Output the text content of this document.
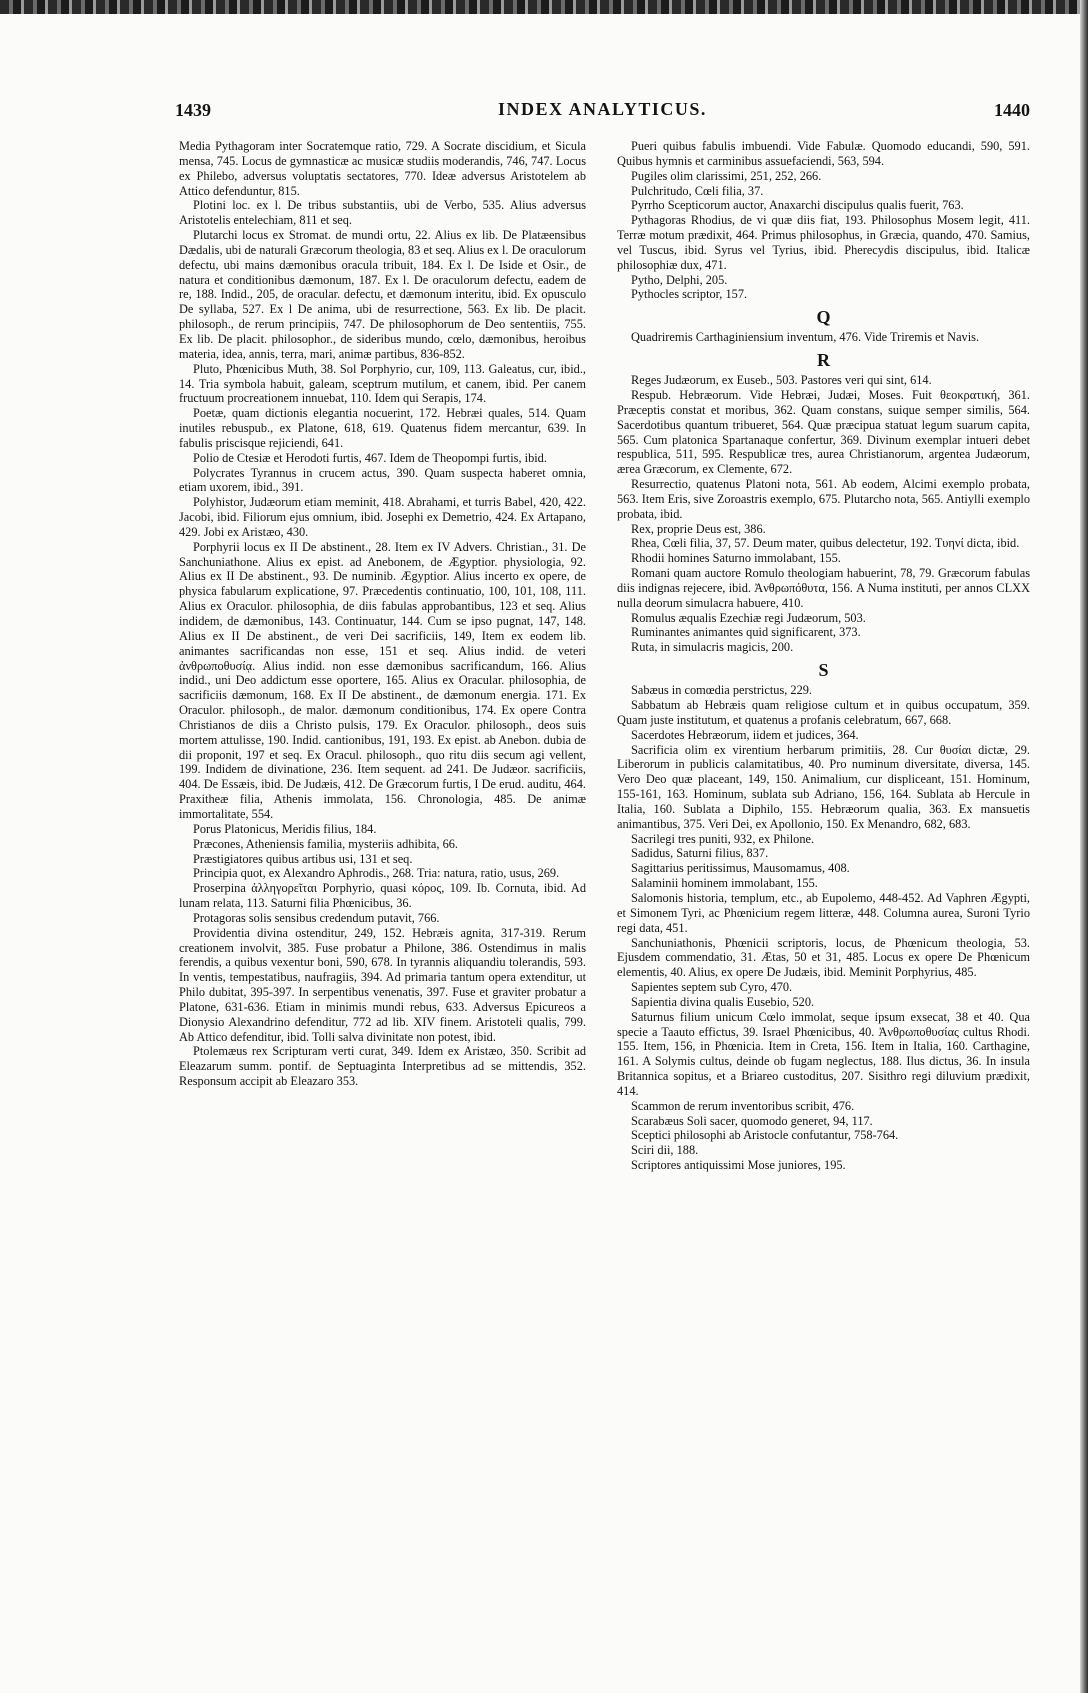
1439	INDEX ANALYTICUS.	1440

Media Pythagoram inter Socratemque ratio, 729. A Socrate discidium, et Sicula mensa, 745. Locus de gymnasticæ ac musicæ studiis moderandis, 746, 747. Locus ex Philebo, adversus voluptatis sectatores, 770. Ideæ adversus Aristotelem ab Attico defenduntur, 815.

Plotini loc. ex l. De tribus substantiis, ubi de Verbo, 535. Alius adversus Aristotelis entelechiam, 811 et seq.

Plutarchi locus ex Stromat. de mundi ortu, 22. Alius ex lib. De Platæensibus Dædalis, ubi de naturali Græcorum theologia, 83 et seq. Alius ex l. De oraculorum defectu, ubi mains dæmonibus oracula tribuit, 184. Ex l. De Iside et Osir., de natura et conditionibus dæmonum, 187. Ex l. De oraculorum defectu, eadem de re, 188. Indid., 205, de oracular. defectu, et dæmonum interitu, ibid. Ex opusculo De syllaba, 527. Ex l De anima, ubi de resurrectione, 563. Ex lib. De placit. philosoph., de rerum principiis, 747. De philosophorum de Deo sententiis, 755. Ex lib. De placit. philosophor., de sideribus mundo, cœlo, dæmonibus, heroibus materia, idea, annis, terra, mari, animæ partibus, 836-852.

Pluto, Phœnicibus Muth, 38. Sol Porphyrio, cur, 109, 113. Galeatus, cur, ibid., 14. Tria symbola habuit, galeam, sceptrum mutilum, et canem, ibid. Per canem fructuum procreationem innuebat, 110. Idem qui Serapis, 174.

Poetæ, quam dictionis elegantia nocuerint, 172. Hebræi quales, 514. Quam inutiles rebuspub., ex Platone, 618, 619. Quatenus fidem mercantur, 639. In fabulis priscisque rejiciendi, 641.

Polio de Ctesiæ et Herodoti furtis, 467. Idem de Theopompi furtis, ibid.

Polycrates Tyrannus in crucem actus, 390. Quam suspecta haberet omnia, etiam uxorem, ibid., 391.

Polyhistor, Judæorum etiam meminit, 418. Abrahami, et turris Babel, 420, 422. Jacobi, ibid. Filiorum ejus omnium, ibid. Josephi ex Demetrio, 424. Ex Artapano, 429. Jobi ex Aristæo, 430.

Porphyrii locus ex II De abstinent., 28. Item ex IV Advers. Christian., 31. De Sanchuniathone. Alius ex epist. ad Anebonem, de Ægyptior. physiologia, 92. Alius ex II De abstinent., 93. De numinib. Ægyptior. Alius incerto ex opere, de physica fabularum explicatione, 97. Præcedentis continuatio, 100, 101, 108, 111. Alius ex Oraculor. philosophia, de diis fabulas approbantibus, 123 et seq. Alius indidem, de dæmonibus, 143. Continuatur, 144. Cum se ipso pugnat, 147, 148. Alius ex II De abstinent., de veri Dei sacrificiis, 149, Item ex eodem lib. animantes sacrificandas non esse, 151 et seq. Alius indid. de veteri ἀνθρωποθυσίᾳ. Alius indid. non esse dæmonibus sacrificandum, 166. Alius indid., uni Deo addictum esse oportere, 165. Alius ex Oracular. philosophia, de sacrificiis dæmonum, 168. Ex II De abstinent., de dæmonum energia. 171. Ex Oraculor. philosoph., de malor. dæmonum conditionibus, 174. Ex opere Contra Christianos de diis a Christo pulsis, 179. Ex Oraculor. philosoph., deos suis mortem attulisse, 190. Indid. cantionibus, 191, 193. Ex epist. ab Anebon. dubia de dii proponit, 197 et seq. Ex Oracul. philosoph., quo ritu diis secum agi vellent, 199. Indidem de divinatione, 236. Item sequent. ad 241. De Judæor. sacrificiis, 404. De Essæis, ibid. De Judæis, 412. De Græcorum furtis, I De erud. auditu, 464. Praxitheæ filia, Athenis immolata, 156. Chronologia, 485. De animæ immortalitate, 554.

Porus Platonicus, Meridis filius, 184.

Præcones, Atheniensis familia, mysteriis adhibita, 66.

Præstigiatores quibus artibus usi, 131 et seq.

Principia quot, ex Alexandro Aphrodis., 268. Tria: natura, ratio, usus, 269.

Proserpina ἀλληγορεῖται Porphyrio, quasi κόρος, 109. Ib. Cornuta, ibid. Ad lunam relata, 113. Saturni filia Phœnicibus, 36.

Protagoras solis sensibus credendum putavit, 766.

Providentia divina ostenditur, 249, 152. Hebræis agnita, 317-319. Rerum creationem involvit, 385. Fuse probatur a Philone, 386. Ostendimus in malis ferendis, a quibus vexentur boni, 590, 678. In tyrannis aliquandiu tolerandis, 593. In ventis, tempestatibus, naufragiis, 394. Ad primaria tantum opera extenditur, ut Philo dubitat, 395-397. In serpentibus venenatis, 397. Fuse et graviter probatur a Platone, 631-636. Etiam in minimis mundi rebus, 633. Adversus Epicureos a Dionysio Alexandrino defenditur, 772 ad lib. XIV finem. Aristoteli qualis, 799. Ab Attico defenditur, ibid. Tolli salva divinitate non potest, ibid.

Ptolemæus rex Scripturam verti curat, 349. Idem ex Aristæo, 350. Scribit ad Eleazarum summ. pontif. de Septuaginta Interpretibus ad se mittendis, 352. Responsum accipit ab Eleazaro 353.

Pueri quibus fabulis imbuendi. Vide Fabulæ. Quomodo educandi, 590, 591. Quibus hymnis et carminibus assuefaciendi, 563, 594.

Pugiles olim clarissimi, 251, 252, 266.

Pulchritudo, Cœli filia, 37.

Pyrrho Scepticorum auctor, Anaxarchi discipulus qualis fuerit, 763.

Pythagoras Rhodius, de vi quæ diis fiat, 193. Philosophus Mosem legit, 411. Terræ motum prædixit, 464. Primus philosophus, in Græcia, quando, 470. Samius, vel Tuscus, ibid. Syrus vel Tyrius, ibid. Pherecydis discipulus, ibid. Italicæ philosophiæ dux, 471.

Pytho, Delphi, 205.

Pythocles scriptor, 157.

Q

Quadriremis Carthaginiensium inventum, 476. Vide Triremis et Navis.

R

Reges Judæorum, ex Euseb., 503. Pastores veri qui sint, 614.

Respub. Hebræorum. Vide Hebræi, Judæi, Moses. Fuit θεοκρατική, 361. Præceptis constat et moribus, 362. Quam constans, suique semper similis, 564. Sacerdotibus quantum tribueret, 564. Quæ præcipua statuat legum suarum capita, 565. Cum platonica Spartanaque confertur, 369. Divinum exemplar intueri debet respublica, 511, 595. Respublicæ tres, aurea Christianorum, argentea Judæorum, ærea Græcorum, ex Clemente, 672.

Resurrectio, quatenus Platoni nota, 561. Ab eodem, Alcimi exemplo probata, 563. Item Eris, sive Zoroastris exemplo, 675. Plutarcho nota, 565. Antiylli exemplo probata, ibid.

Rex, proprie Deus est, 386.

Rhea, Cœli filia, 37, 57. Deum mater, quibus delectetur, 192. Τυηνί dicta, ibid.

Rhodii homines Saturno immolabant, 155.

Romani quam auctore Romulo theologiam habuerint, 78, 79. Græcorum fabulas diis indignas rejecere, ibid. Ἀνθρωπόθυτα, 156. A Numa instituti, per annos CLXX nulla deorum simulacra habuere, 410.

Romulus æqualis Ezechiæ regi Judæorum, 503.

Ruminantes animantes quid significarent, 373.

Ruta, in simulacris magicis, 200.

S

Sabæus in comœdia perstrictus, 229.

Sabbatum ab Hebræis quam religiose cultum et in quibus occupatum, 359. Quam juste institutum, et quatenus a profanis celebratum, 667, 668.

Sacerdotes Hebræorum, iidem et judices, 364.

Sacrificia olim ex virentium herbarum primitiis, 28. Cur θυσίαι dictæ, 29. Liberorum in publicis calamitatibus, 40. Pro numinum diversitate, diversa, 145. Vero Deo quæ placeant, 149, 150. Animalium, cur displiceant, 151. Hominum, 155-161, 163. Hominum, sublata sub Adriano, 156, 164. Sublata ab Hercule in Italia, 160. Sublata a Diphilo, 155. Hebræorum qualia, 363. Ex mansuetis animantibus, 375. Veri Dei, ex Apollonio, 150. Ex Menandro, 682, 683.

Sacrilegi tres puniti, 932, ex Philone.

Sadidus, Saturni filius, 837.

Sagittarius peritissimus, Mausomamus, 408.

Salaminii hominem immolabant, 155.

Salomonis historia, templum, etc., ab Eupolemo, 448-452. Ad Vaphren Ægypti, et Simonem Tyri, ac Phœnicium regem litteræ, 448. Columna aurea, Suroni Tyrio regi data, 451.

Sanchuniathonis, Phœnicii scriptoris, locus, de Phœnicum theologia, 53. Ejusdem commendatio, 31. Ætas, 50 et 31, 485. Locus ex opere De Phœnicum elementis, 40. Alius, ex opere De Judæis, ibid. Meminit Porphyrius, 485.

Sapientes septem sub Cyro, 470.

Sapientia divina qualis Eusebio, 520.

Saturnus filium unicum Cœlo immolat, seque ipsum exsecat, 38 et 40. Qua specie a Taauto effictus, 39. Israel Phœnicibus, 40. Ἀνθρωποθυσίας cultus Rhodi. 155. Item, 156, in Phœnicia. Item in Creta, 156. Item in Italia, 160. Carthagine, 161. A Solymis cultus, deinde ob fugam neglectus, 188. Ilus dictus, 36. In insula Britannica sopitus, et a Briareo custoditus, 207. Sisithro regi diluvium prædixit, 414.

Scammon de rerum inventoribus scribit, 476.

Scarabæus Soli sacer, quomodo generet, 94, 117.

Sceptici philosophi ab Aristocle confutantur, 758-764.

Sciri dii, 188.

Scriptores antiquissimi Mose juniores, 195.
